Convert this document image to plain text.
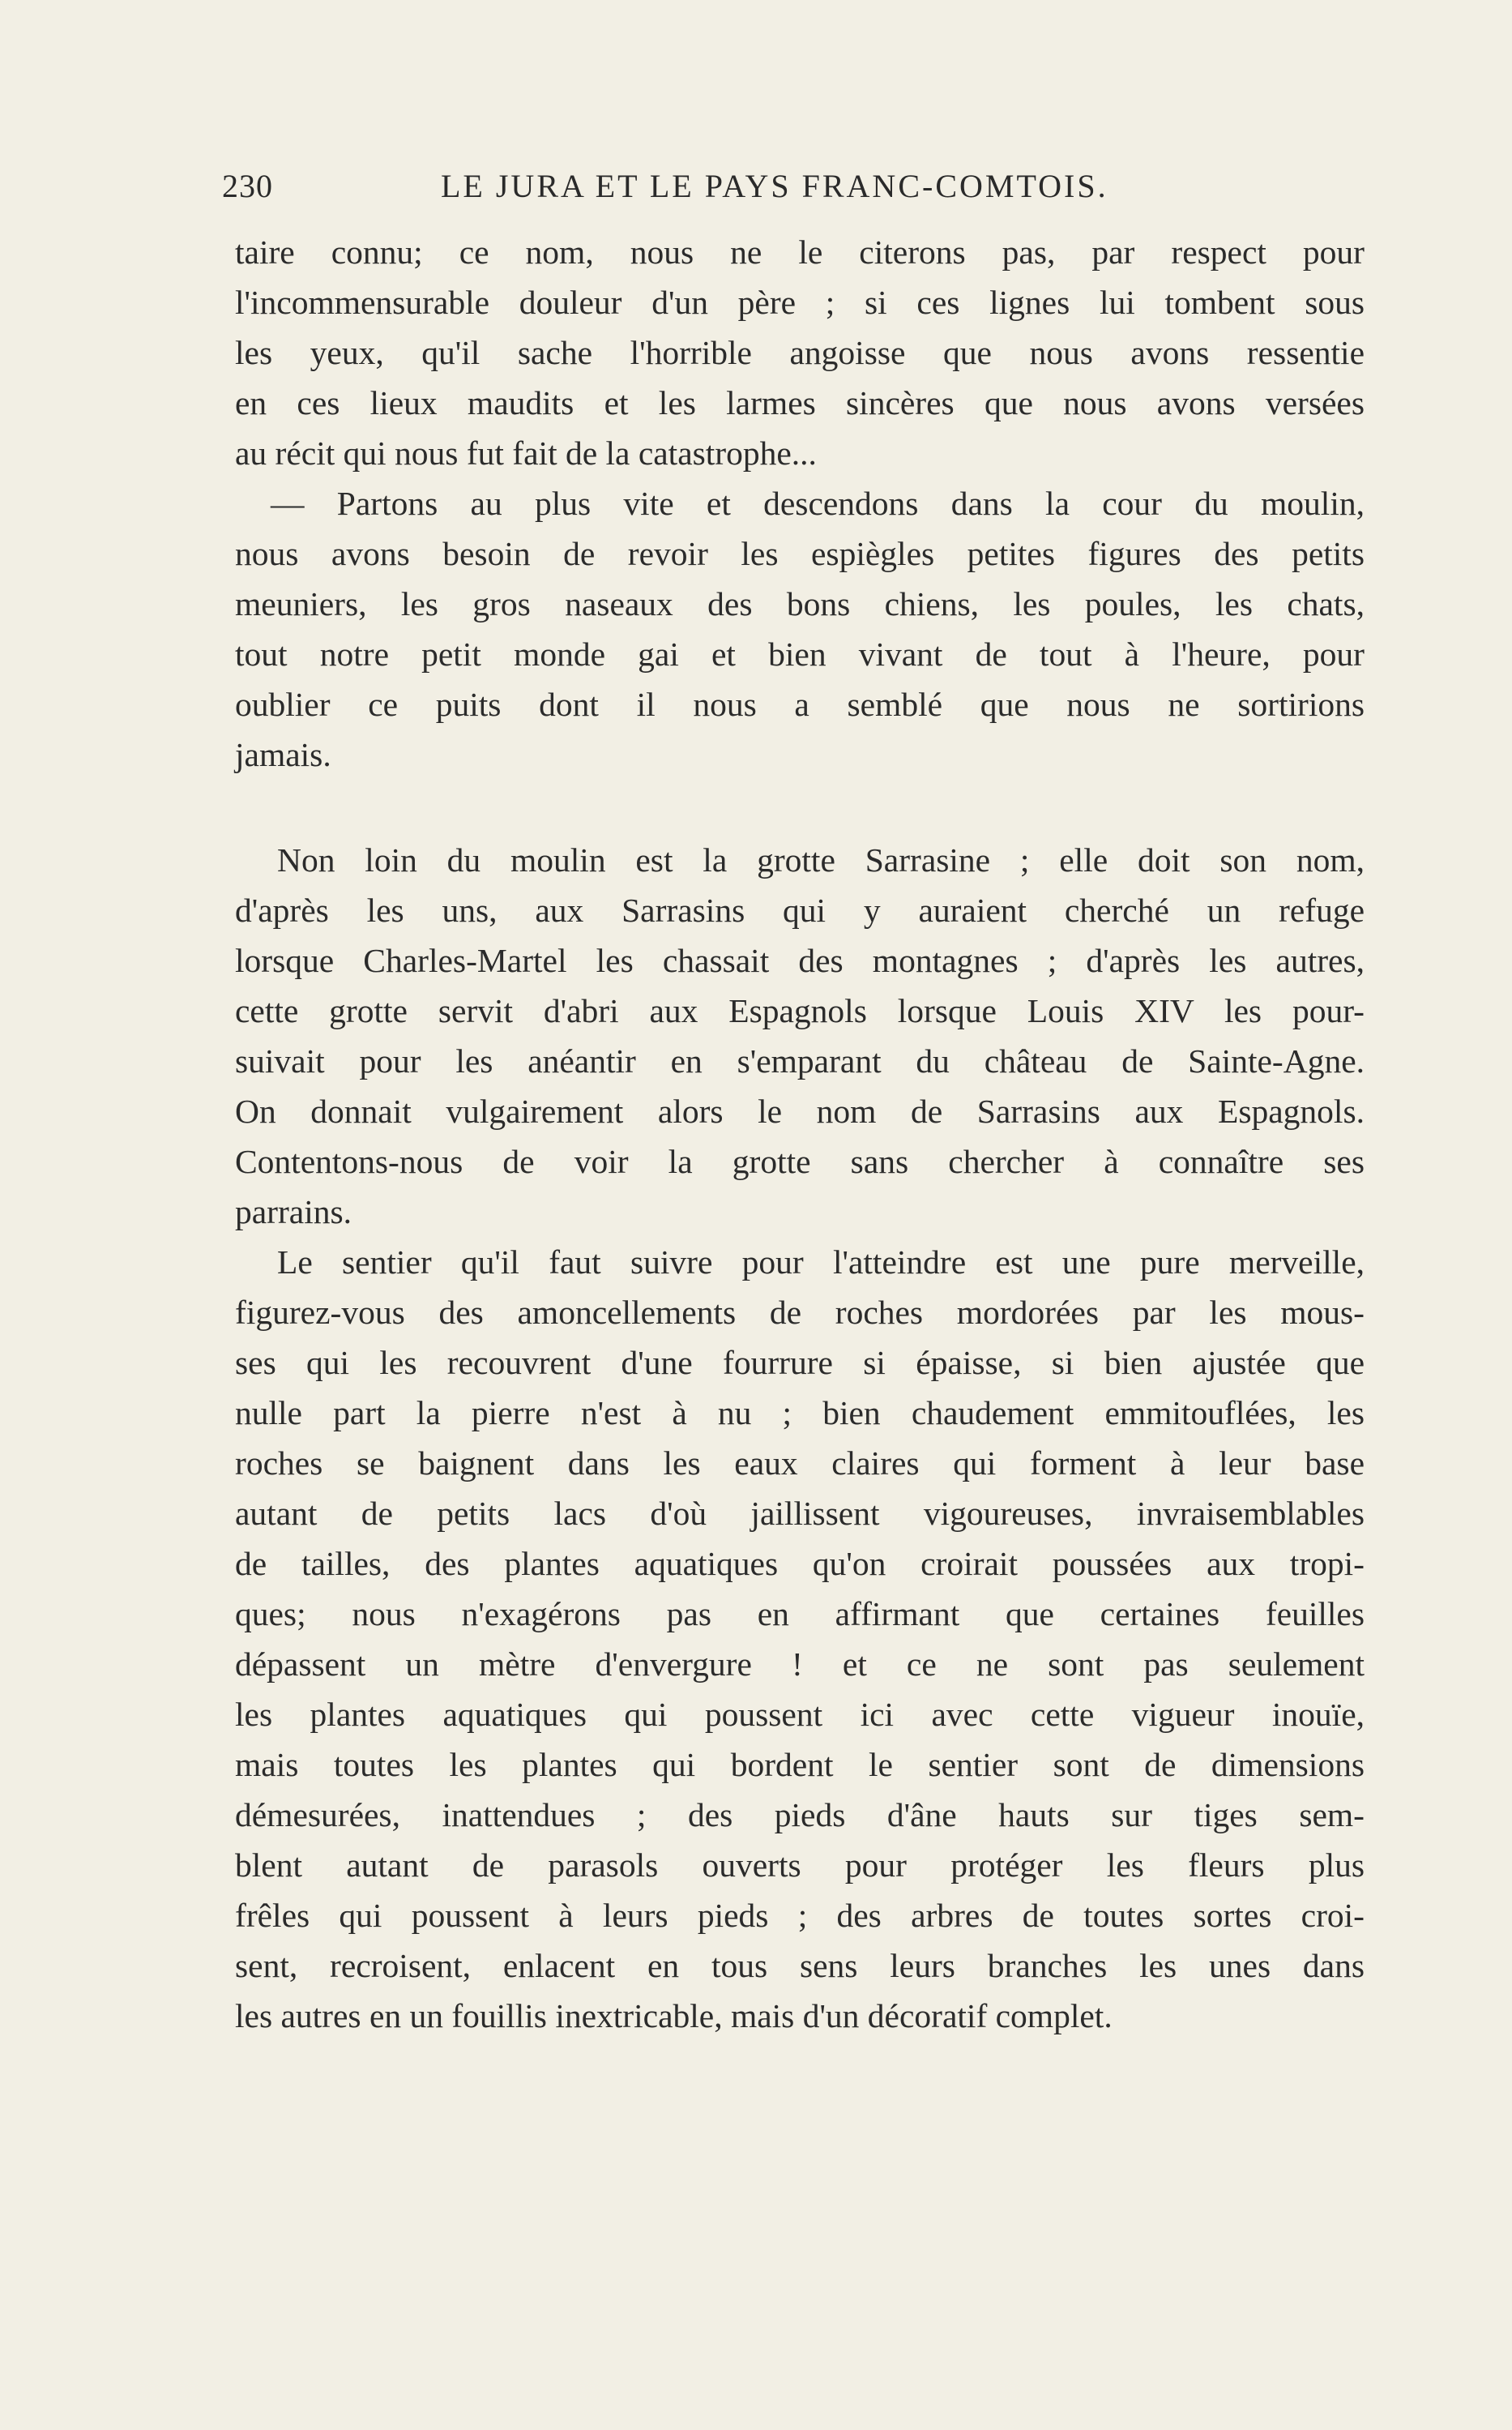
230	LE JURA ET LE PAYS FRANC-COMTOIS.
taire connu; ce nom, nous ne le citerons pas, par respect pour
l'incommensurable douleur d'un père ; si ces lignes lui tombent sous
les yeux, qu'il sache l'horrible angoisse que nous avons ressentie
en ces lieux maudits et les larmes sincères que nous avons versées
au récit qui nous fut fait de la catastrophe...
— Partons au plus vite et descendons dans la cour du moulin,
nous avons besoin de revoir les espiègles petites figures des petits
meuniers, les gros naseaux des bons chiens, les poules, les chats,
tout notre petit monde gai et bien vivant de tout à l'heure, pour
oublier ce puits dont il nous a semblé que nous ne sortirions
jamais.
Non loin du moulin est la grotte Sarrasine ; elle doit son nom,
d'après les uns, aux Sarrasins qui y auraient cherché un refuge
lorsque Charles-Martel les chassait des montagnes ; d'après les autres,
cette grotte servit d'abri aux Espagnols lorsque Louis XIV les pour-
suivait pour les anéantir en s'emparant du château de Sainte-Agne.
On donnait vulgairement alors le nom de Sarrasins aux Espagnols.
Contentons-nous de voir la grotte sans chercher à connaître ses
parrains.
Le sentier qu'il faut suivre pour l'atteindre est une pure merveille,
figurez-vous des amoncellements de roches mordorées par les mous-
ses qui les recouvrent d'une fourrure si épaisse, si bien ajustée que
nulle part la pierre n'est à nu ; bien chaudement emmitouflées, les
roches se baignent dans les eaux claires qui forment à leur base
autant de petits lacs d'où jaillissent vigoureuses, invraisemblables
de tailles, des plantes aquatiques qu'on croirait poussées aux tropi-
ques; nous n'exagérons pas en affirmant que certaines feuilles
dépassent un mètre d'envergure ! et ce ne sont pas seulement
les plantes aquatiques qui poussent ici avec cette vigueur inouïe,
mais toutes les plantes qui bordent le sentier sont de dimensions
démesurées, inattendues ; des pieds d'âne hauts sur tiges sem-
blent autant de parasols ouverts pour protéger les fleurs plus
frêles qui poussent à leurs pieds ; des arbres de toutes sortes croi-
sent, recroisent, enlacent en tous sens leurs branches les unes dans
les autres en un fouillis inextricable, mais d'un décoratif complet.
